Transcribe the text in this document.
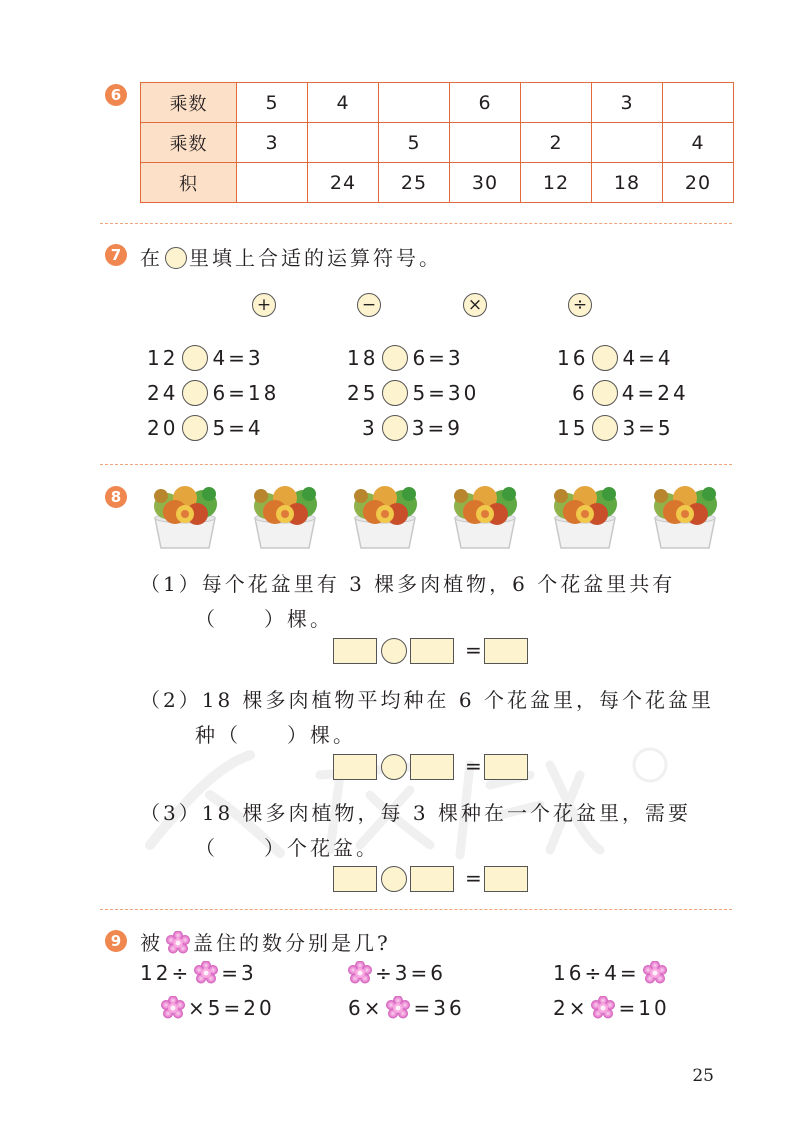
6	乘数	5	4		6		3	
乘数	3		5		2		4
积		24	25	30	12	18	20
7 在 里填上合适的运算符号。
+	−	×	÷
12 4=3	18 6=3	16 4=4
24 6=18	25 5=30	6 4=24
20 5=4	3 3=9	15 3=5
8
（1）每个花盆里有 3 棵多肉植物，6 个花盆里共有
（　　）棵。
=
（2）18 棵多肉植物平均种在 6 个花盆里，每个花盆里
种（　　）棵。
=
（3）18 棵多肉植物，每 3 棵种在一个花盆里，需要
（　　）个花盆。
=
9 被 盖住的数分别是几?
12÷ =3	÷3=6	16÷4=
×5=20	6× =36	2× =10
25
